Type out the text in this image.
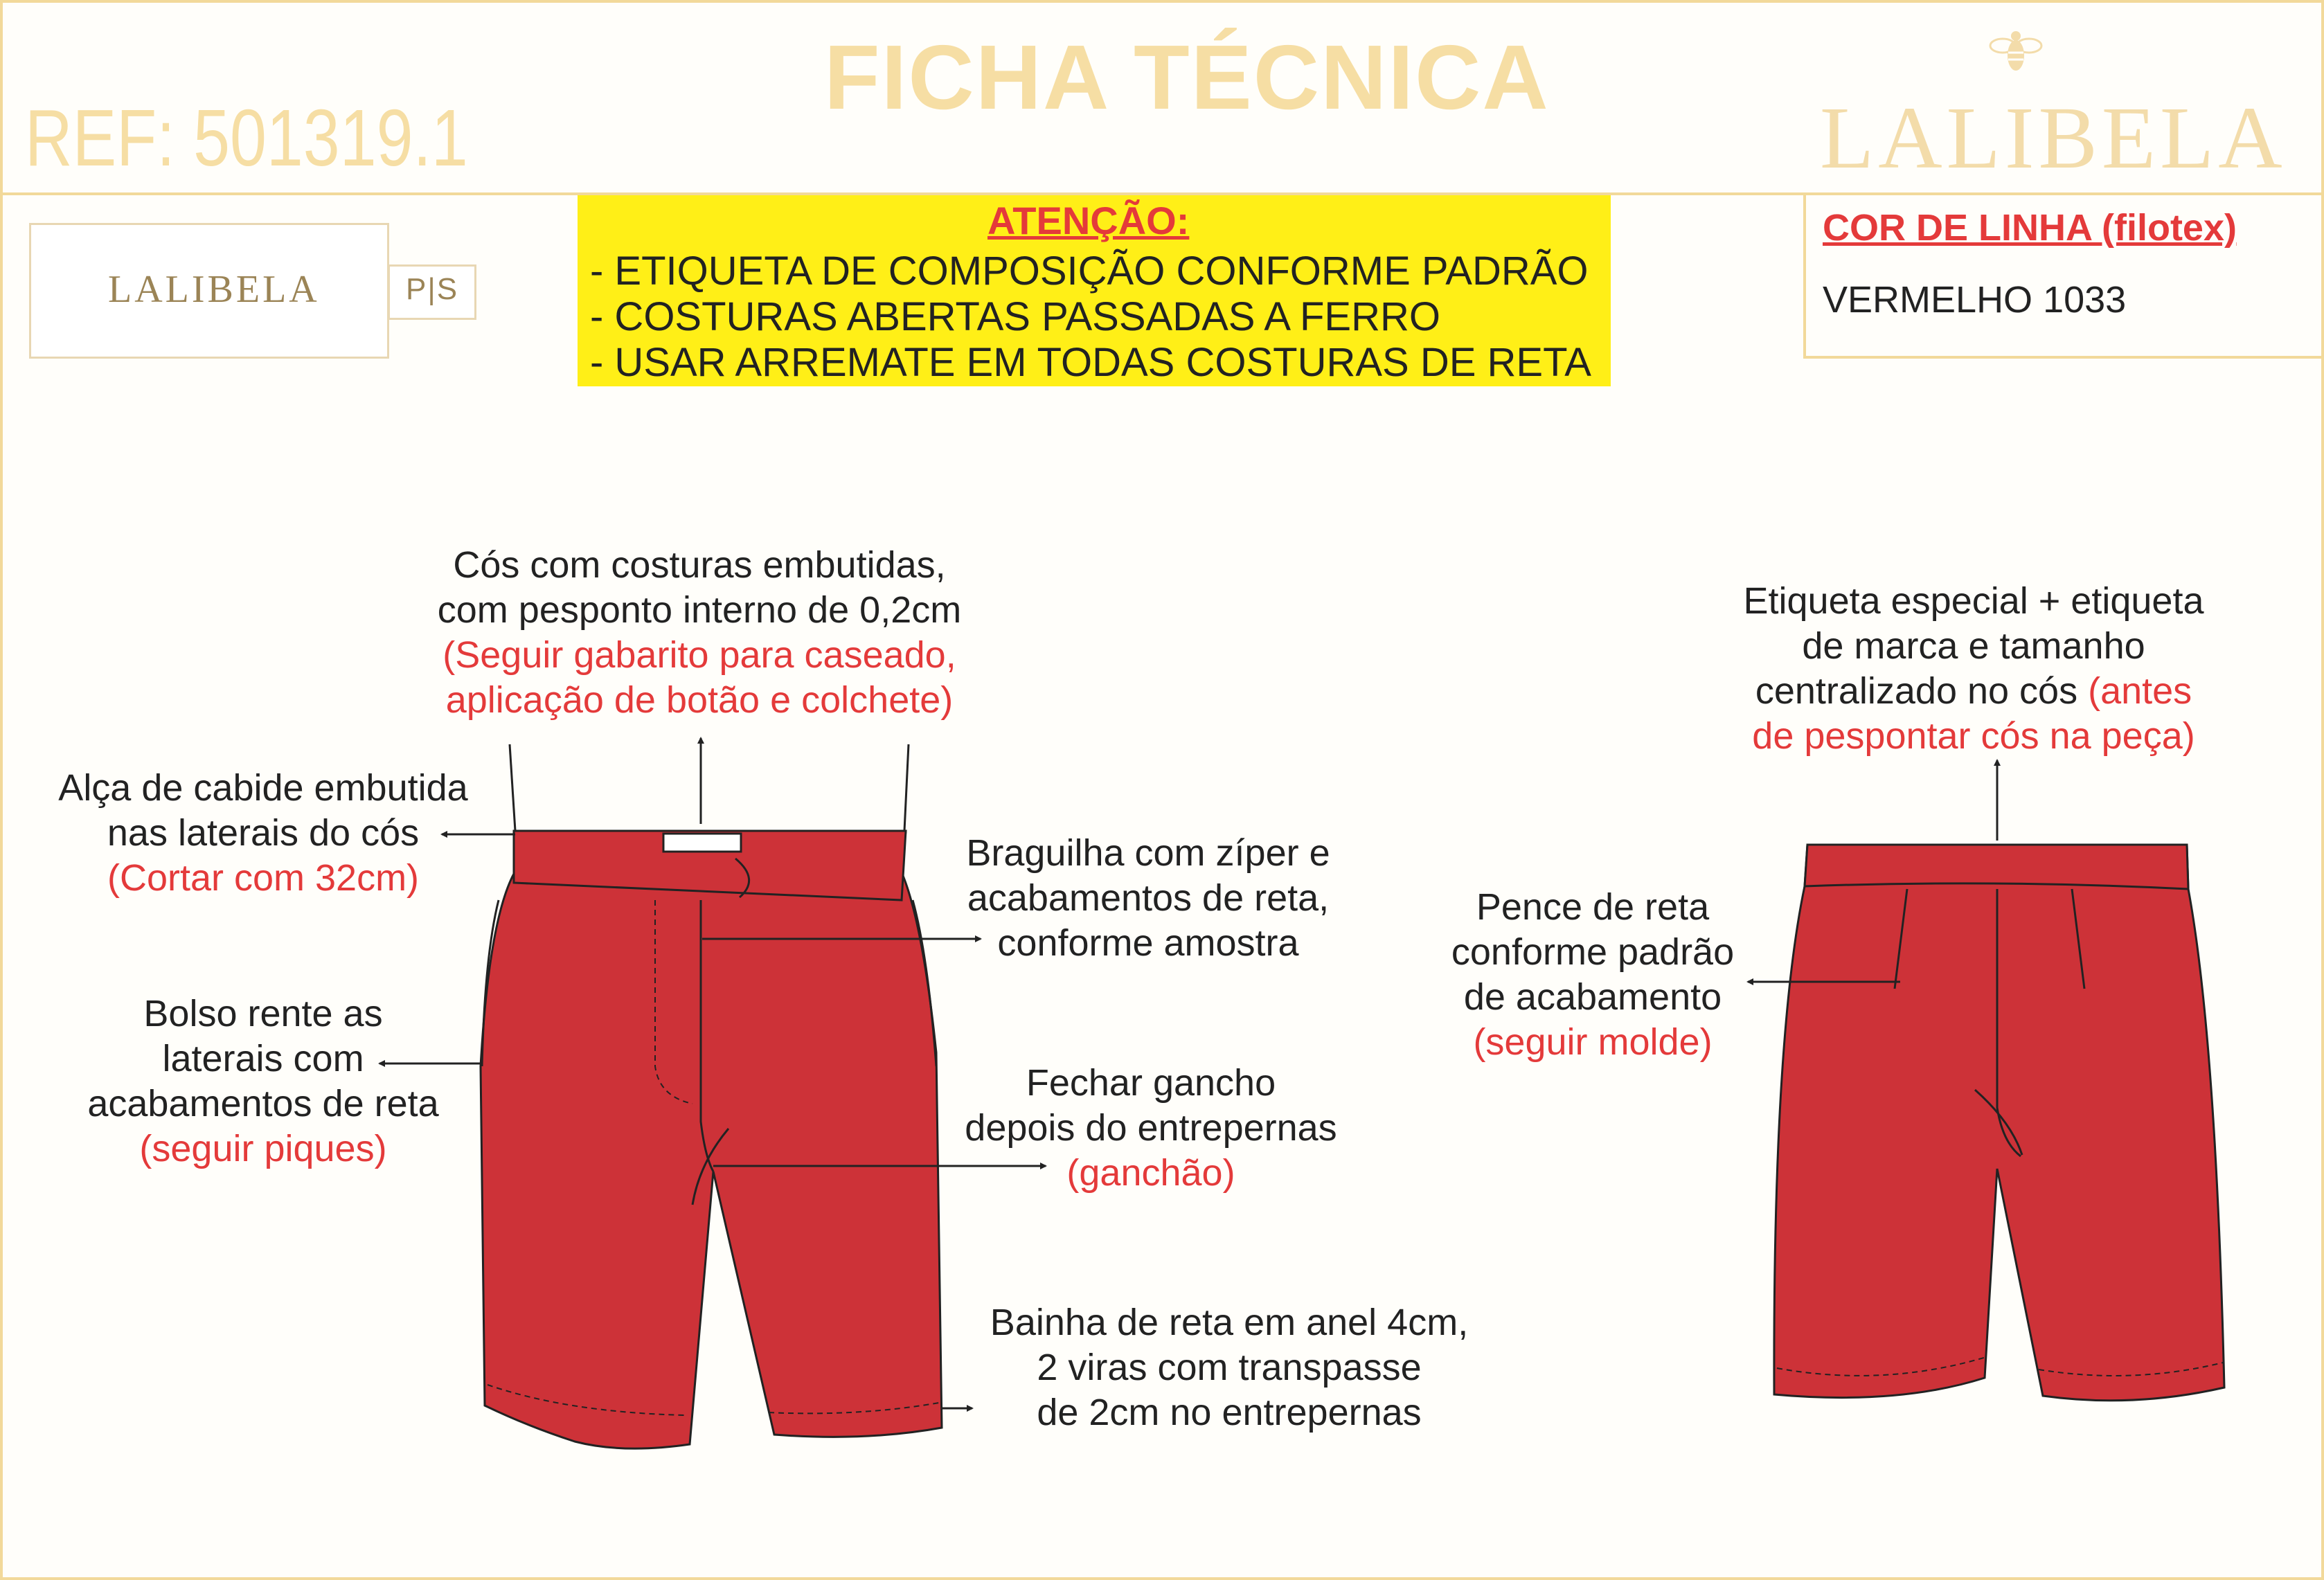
REF: 501319.1
FICHA TÉCNICA
LALIBELA
LALIBELA	P|S
ATENÇÃO:
- ETIQUETA DE COMPOSIÇÃO CONFORME PADRÃO
- COSTURAS ABERTAS PASSADAS A FERRO
- USAR ARREMATE EM TODAS COSTURAS DE RETA
COR DE LINHA (filotex)
VERMELHO 1033
Cós com costuras embutidas,
com pesponto interno de 0,2cm
(Seguir gabarito para caseado,
aplicação de botão e colchete)
Alça de cabide embutida
nas laterais do cós
(Cortar com 32cm)
Bolso rente as
laterais com
acabamentos de reta
(seguir piques)
Braguilha com zíper e
acabamentos de reta,
conforme amostra
Fechar gancho
depois do entrepernas
(ganchão)
Bainha de reta em anel 4cm,
2 viras com transpasse
de 2cm no entrepernas
Etiqueta especial + etiqueta
de marca e tamanho
centralizado no cós (antes
de pespontar cós na peça)
Pence de reta
conforme padrão
de acabamento
(seguir molde)
